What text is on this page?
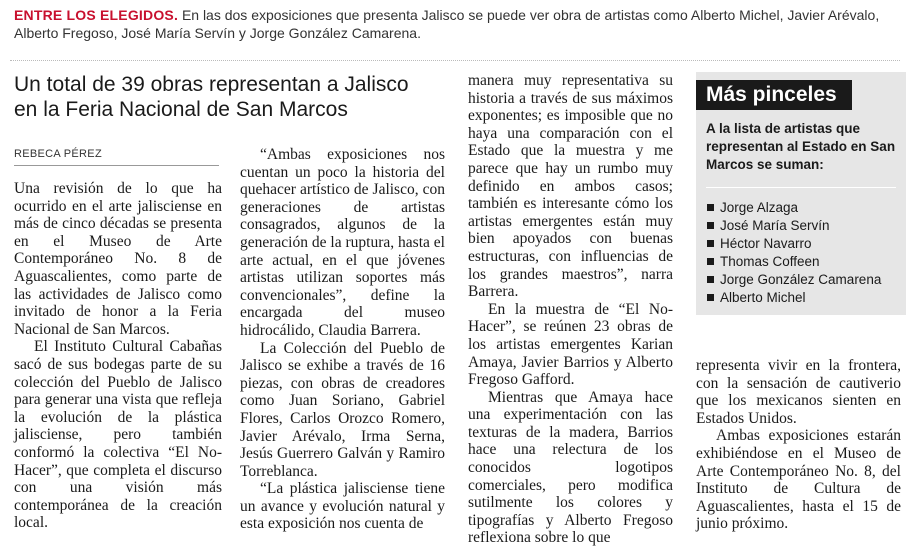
ENTRE LOS ELEGIDOS. En las dos exposiciones que presenta Jalisco se puede ver obra de artistas como Alberto Michel, Javier Arévalo, Alberto Fregoso, José María Servín y Jorge González Camarena.
Un total de 39 obras representan a Jalisco
en la Feria Nacional de San Marcos
REBECA PÉREZ

Una revisión de lo que ha ocurrido en el arte jalisciense en más de cinco décadas se presenta en el Museo de Arte Contemporáneo No. 8 de Aguascalientes, como parte de las actividades de Jalisco como invitado de honor a la Feria Nacional de San Marcos.

El Instituto Cultural Cabañas sacó de sus bodegas parte de su colección del Pueblo de Jalisco para generar una vista que refleja la evolución de la plástica jalisciense, pero también conformó la colectiva “El No-Hacer”, que completa el discurso con una visión más contemporánea de la creación local.

“Ambas exposiciones nos cuentan un poco la historia del quehacer artístico de Jalisco, con generaciones de artistas consagrados, algunos de la generación de la ruptura, hasta el arte actual, en el que jóvenes artistas utilizan soportes más convencionales”, define la encargada del museo hidrocálido, Claudia Barrera.

La Colección del Pueblo de Jalisco se exhibe a través de 16 piezas, con obras de creadores como Juan Soriano, Gabriel Flores, Carlos Orozco Romero, Javier Arévalo, Irma Serna, Jesús Guerrero Galván y Ramiro Torreblanca.

“La plástica jalisciense tiene un avance y evolución natural y esta exposición nos cuenta de

manera muy representativa su historia a través de sus máximos exponentes; es imposible que no haya una comparación con el Estado que la muestra y me parece que hay un rumbo muy definido en ambos casos; también es interesante cómo los artistas emergentes están muy bien apoyados con buenas estructuras, con influencias de los grandes maestros”, narra Barrera.

En la muestra de “El No-Hacer”, se reúnen 23 obras de los artistas emergentes Karian Amaya, Javier Barrios y Alberto Fregoso Gafford.

Mientras que Amaya hace una experimentación con las texturas de la madera, Barrios hace una relectura de los conocidos logotipos comerciales, pero modifica sutilmente los colores y tipografías y Alberto Fregoso reflexiona sobre lo que

Más pinceles
A la lista de artistas que representan al Estado en San Marcos se suman:
Jorge Alzaga
José María Servín
Héctor Navarro
Thomas Coffeen
Jorge González Camarena
Alberto Michel

representa vivir en la frontera, con la sensación de cautiverio que los mexicanos sienten en Estados Unidos.

Ambas exposiciones estarán exhibiéndose en el Museo de Arte Contemporáneo No. 8, del Instituto de Cultura de Aguascalientes, hasta el 15 de junio próximo.
